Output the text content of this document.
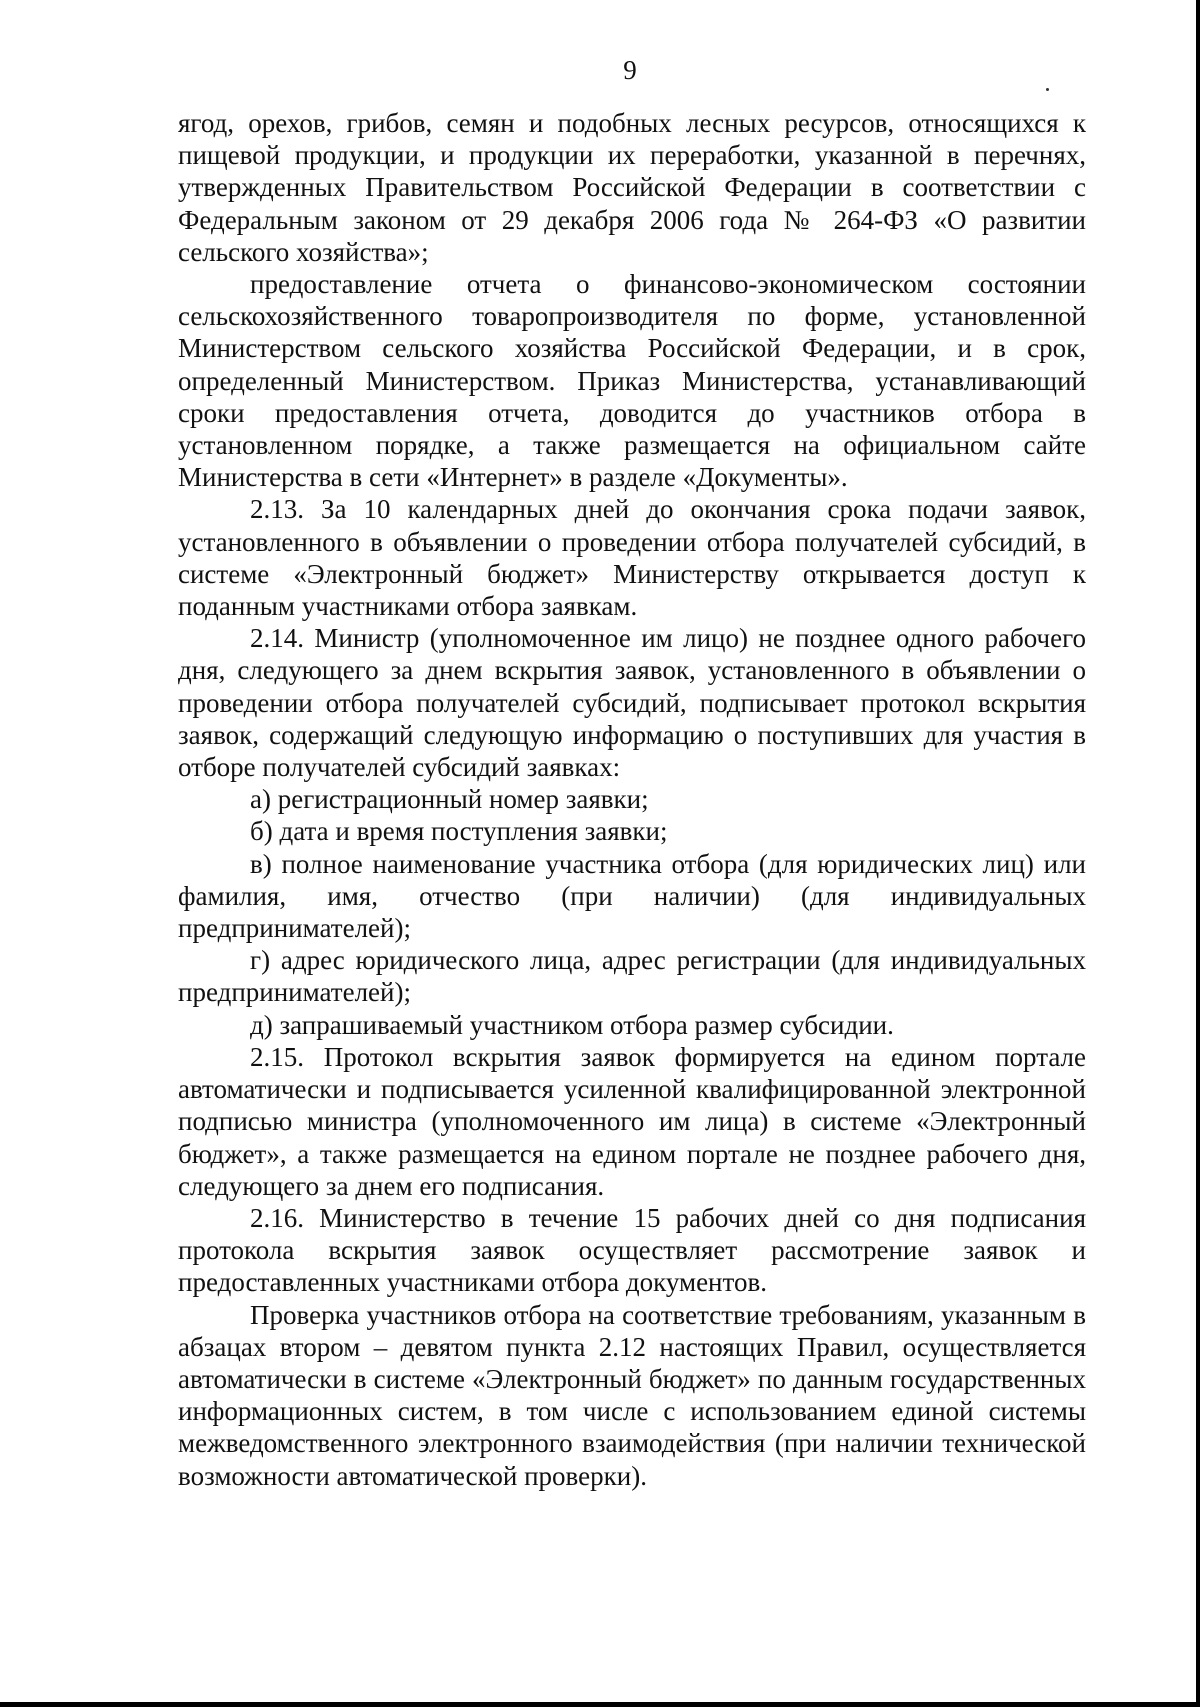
9

ягод, орехов, грибов, семян и подобных лесных ресурсов, относящихся к пищевой продукции, и продукции их переработки, указанной в перечнях, утвержденных Правительством Российской Федерации в соответствии с Федеральным законом от 29 декабря 2006 года № 264-ФЗ «О развитии сельского хозяйства»;

предоставление отчета о финансово-экономическом состоянии сельскохозяйственного товаропроизводителя по форме, установленной Министерством сельского хозяйства Российской Федерации, и в срок, определенный Министерством. Приказ Министерства, устанавливающий сроки предоставления отчета, доводится до участников отбора в установленном порядке, а также размещается на официальном сайте Министерства в сети «Интернет» в разделе «Документы».

2.13. За 10 календарных дней до окончания срока подачи заявок, установленного в объявлении о проведении отбора получателей субсидий, в системе «Электронный бюджет» Министерству открывается доступ к поданным участниками отбора заявкам.

2.14. Министр (уполномоченное им лицо) не позднее одного рабочего дня, следующего за днем вскрытия заявок, установленного в объявлении о проведении отбора получателей субсидий, подписывает протокол вскрытия заявок, содержащий следующую информацию о поступивших для участия в отборе получателей субсидий заявках:

а) регистрационный номер заявки;

б) дата и время поступления заявки;

в) полное наименование участника отбора (для юридических лиц) или фамилия, имя, отчество (при наличии) (для индивидуальных предпринимателей);

г) адрес юридического лица, адрес регистрации (для индивидуальных предпринимателей);

д) запрашиваемый участником отбора размер субсидии.

2.15. Протокол вскрытия заявок формируется на едином портале автоматически и подписывается усиленной квалифицированной электронной подписью министра (уполномоченного им лица) в системе «Электронный бюджет», а также размещается на едином портале не позднее рабочего дня, следующего за днем его подписания.

2.16. Министерство в течение 15 рабочих дней со дня подписания протокола вскрытия заявок осуществляет рассмотрение заявок и предоставленных участниками отбора документов.

Проверка участников отбора на соответствие требованиям, указанным в абзацах втором – девятом пункта 2.12 настоящих Правил, осуществляется автоматически в системе «Электронный бюджет» по данным государственных информационных систем, в том числе с использованием единой системы межведомственного электронного взаимодействия (при наличии технической возможности автоматической проверки).
